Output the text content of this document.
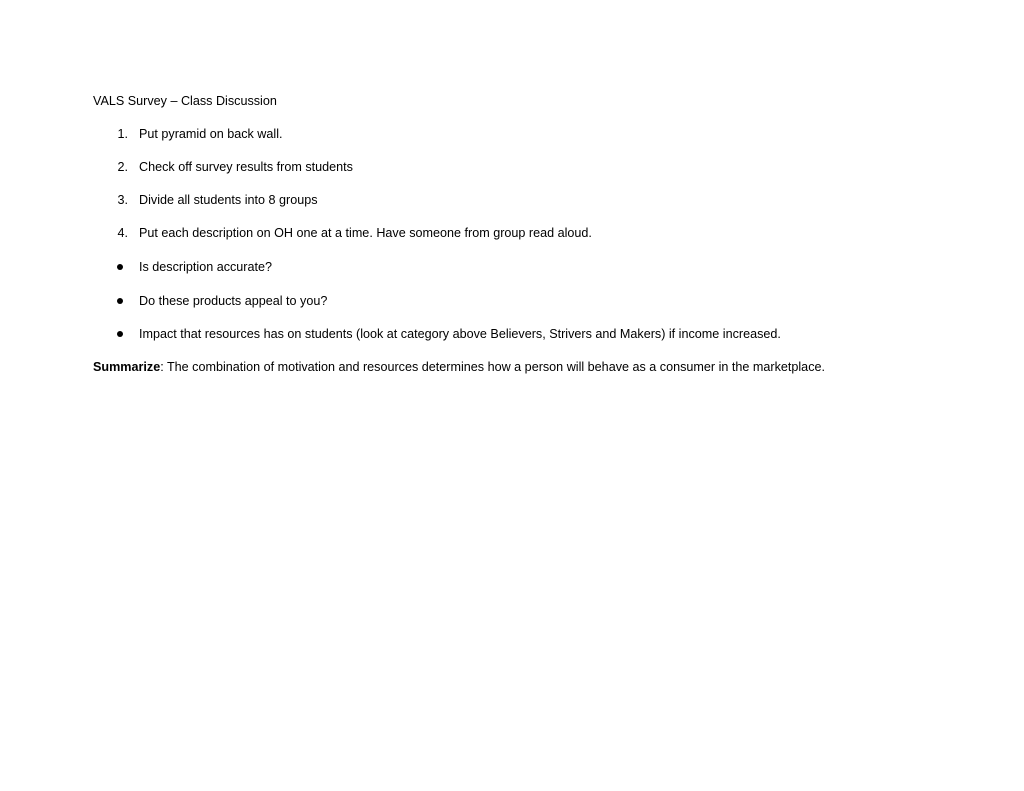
VALS Survey – Class Discussion
1. Put pyramid on back wall.
2. Check off survey results from students
3. Divide all students into 8 groups
4. Put each description on OH one at a time. Have someone from group read aloud.
Is description accurate?
Do these products appeal to you?
Impact that resources has on students (look at category above Believers, Strivers and Makers) if income increased.
Summarize: The combination of motivation and resources determines how a person will behave as a consumer in the marketplace.
